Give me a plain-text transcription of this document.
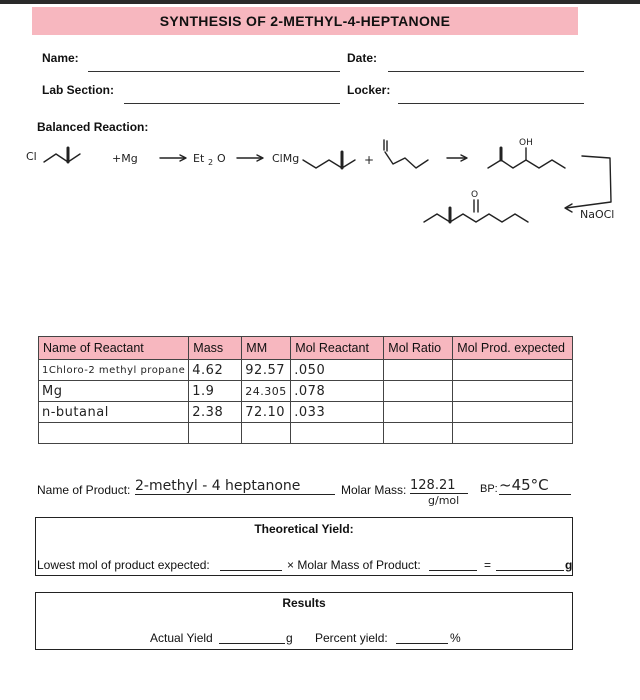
SYNTHESIS OF 2-METHYL-4-HEPTANONE
Name:	Date:
Lab Section:	Locker:
Balanced Reaction:
Cl	+Mg	Et 2 O	ClMg	+
OH
O
NaOCl
Name of Reactant	Mass	MM	Mol Reactant	Mol Ratio	Mol Prod. expected
1Chloro-2 methyl propane	4.62	92.57	.050		
Mg	1.9	24.305	.078		
n-butanal	2.38	72.10	.033		

Name of Product: 2-methyl - 4 heptanone	Molar Mass: 128.21
g/mol
BP: ~45°C
Theoretical Yield:
Lowest mol of product expected:	× Molar Mass of Product:	=	g
Results
Actual Yield	g Percent yield:	%
